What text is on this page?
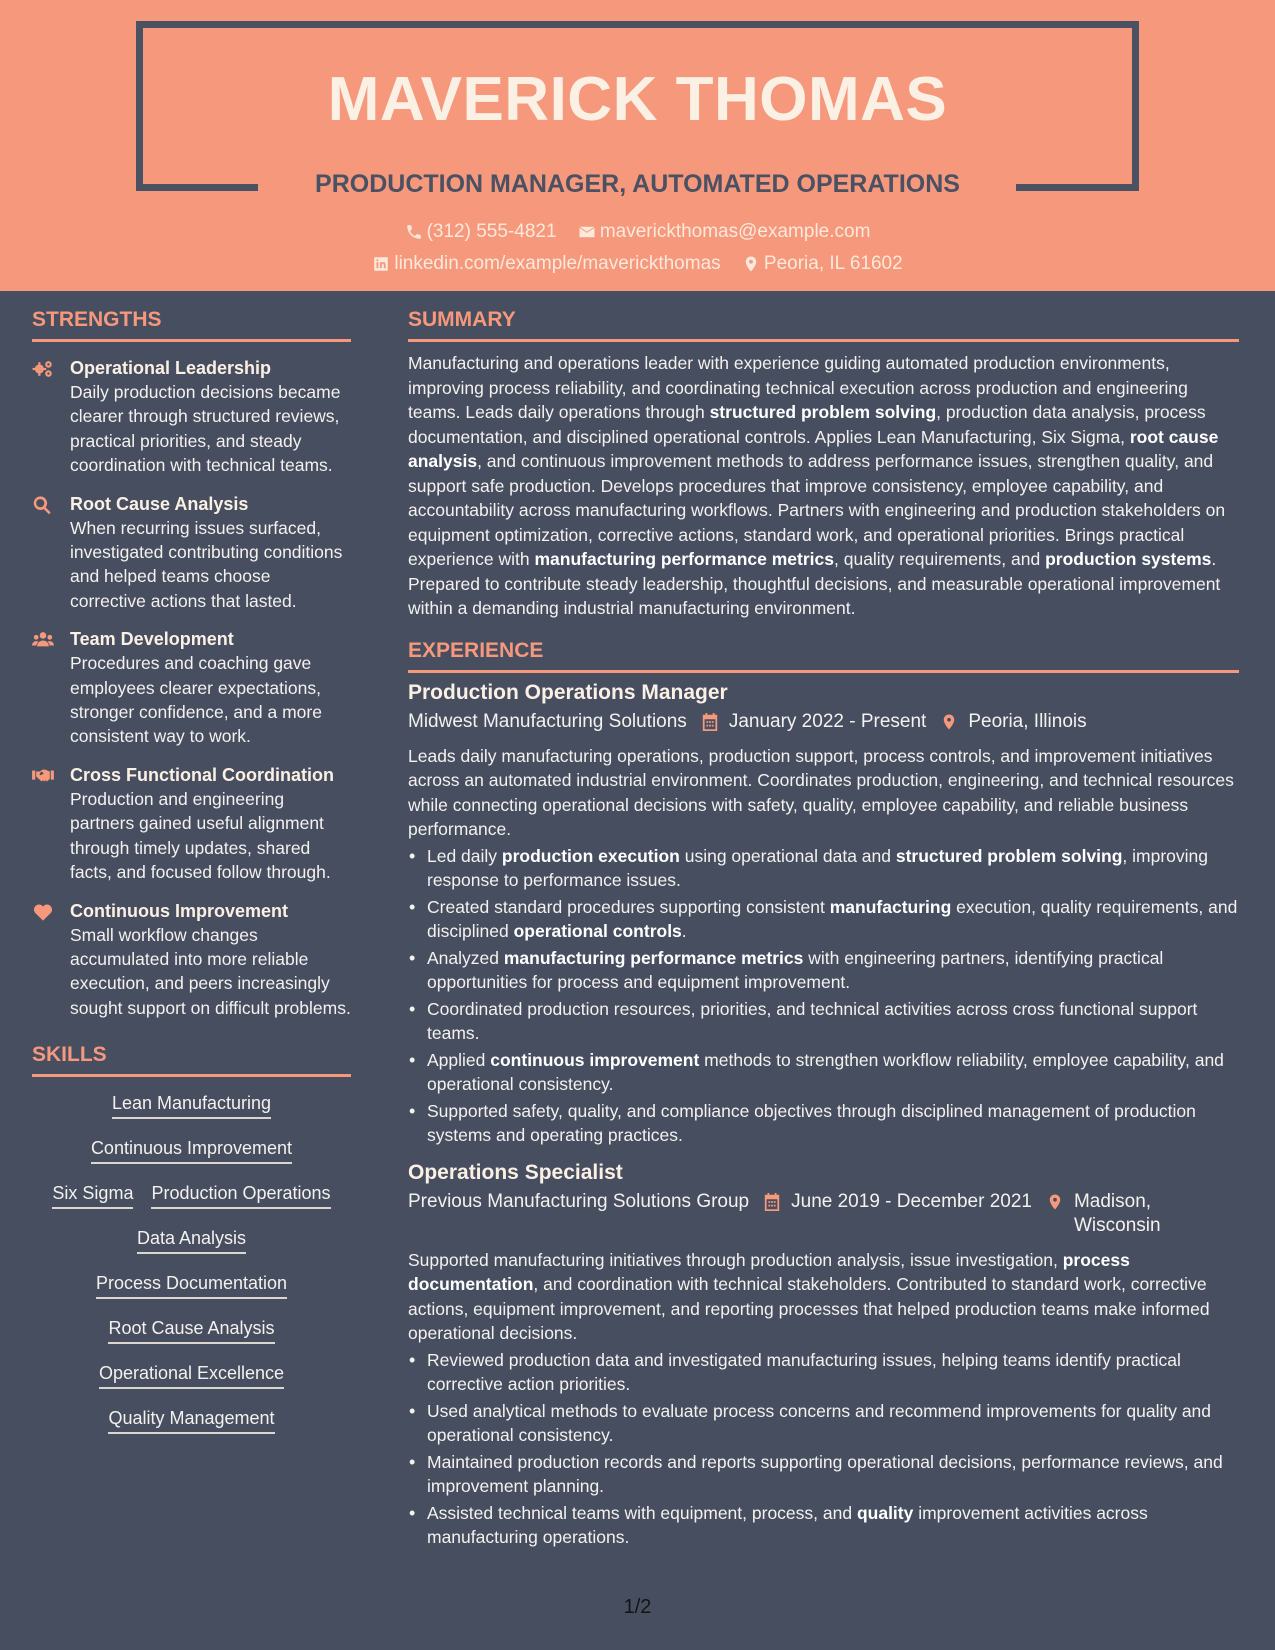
MAVERICK THOMAS
PRODUCTION MANAGER, AUTOMATED OPERATIONS
(312) 555-4821
maverickthomas@example.com
linkedin.com/example/maverickthomas
Peoria, IL 61602
STRENGTHS
Operational Leadership
Daily production decisions became clearer through structured reviews, practical priorities, and steady coordination with technical teams.
Root Cause Analysis
When recurring issues surfaced, investigated contributing conditions and helped teams choose corrective actions that lasted.
Team Development
Procedures and coaching gave employees clearer expectations, stronger confidence, and a more consistent way to work.
Cross Functional Coordination
Production and engineering partners gained useful alignment through timely updates, shared facts, and focused follow through.
Continuous Improvement
Small workflow changes accumulated into more reliable execution, and peers increasingly sought support on difficult problems.
SKILLS
Lean Manufacturing
Continuous Improvement
Six Sigma Production Operations
Data Analysis
Process Documentation
Root Cause Analysis
Operational Excellence
Quality Management
SUMMARY

Manufacturing and operations leader with experience guiding automated production environments, improving process reliability, and coordinating technical execution across production and engineering teams. Leads daily operations through structured problem solving, production data analysis, process documentation, and disciplined operational controls. Applies Lean Manufacturing, Six Sigma, root cause analysis, and continuous improvement methods to address performance issues, strengthen quality, and support safe production. Develops procedures that improve consistency, employee capability, and accountability across manufacturing workflows. Partners with engineering and production stakeholders on equipment optimization, corrective actions, standard work, and operational priorities. Brings practical experience with manufacturing performance metrics, quality requirements, and production systems. Prepared to contribute steady leadership, thoughtful decisions, and measurable operational improvement within a demanding industrial manufacturing environment.

EXPERIENCE
Production Operations Manager
Midwest Manufacturing Solutions January 2022 - Present Peoria, Illinois

Leads daily manufacturing operations, production support, process controls, and improvement initiatives across an automated industrial environment. Coordinates production, engineering, and technical resources while connecting operational decisions with safety, quality, employee capability, and reliable business performance.

• Led daily production execution using operational data and structured problem solving, improving response to performance issues.
• Created standard procedures supporting consistent manufacturing execution, quality requirements, and disciplined operational controls.
• Analyzed manufacturing performance metrics with engineering partners, identifying practical opportunities for process and equipment improvement.
• Coordinated production resources, priorities, and technical activities across cross functional support teams.
• Applied continuous improvement methods to strengthen workflow reliability, employee capability, and operational consistency.
• Supported safety, quality, and compliance objectives through disciplined management of production systems and operating practices.
Operations Specialist
Previous Manufacturing Solutions Group June 2019 - December 2021 Madison, Wisconsin

Supported manufacturing initiatives through production analysis, issue investigation, process documentation, and coordination with technical stakeholders. Contributed to standard work, corrective actions, equipment improvement, and reporting processes that helped production teams make informed operational decisions.

• Reviewed production data and investigated manufacturing issues, helping teams identify practical corrective action priorities.
• Used analytical methods to evaluate process concerns and recommend improvements for quality and operational consistency.
• Maintained production records and reports supporting operational decisions, performance reviews, and improvement planning.
• Assisted technical teams with equipment, process, and quality improvement activities across manufacturing operations.
1/2
